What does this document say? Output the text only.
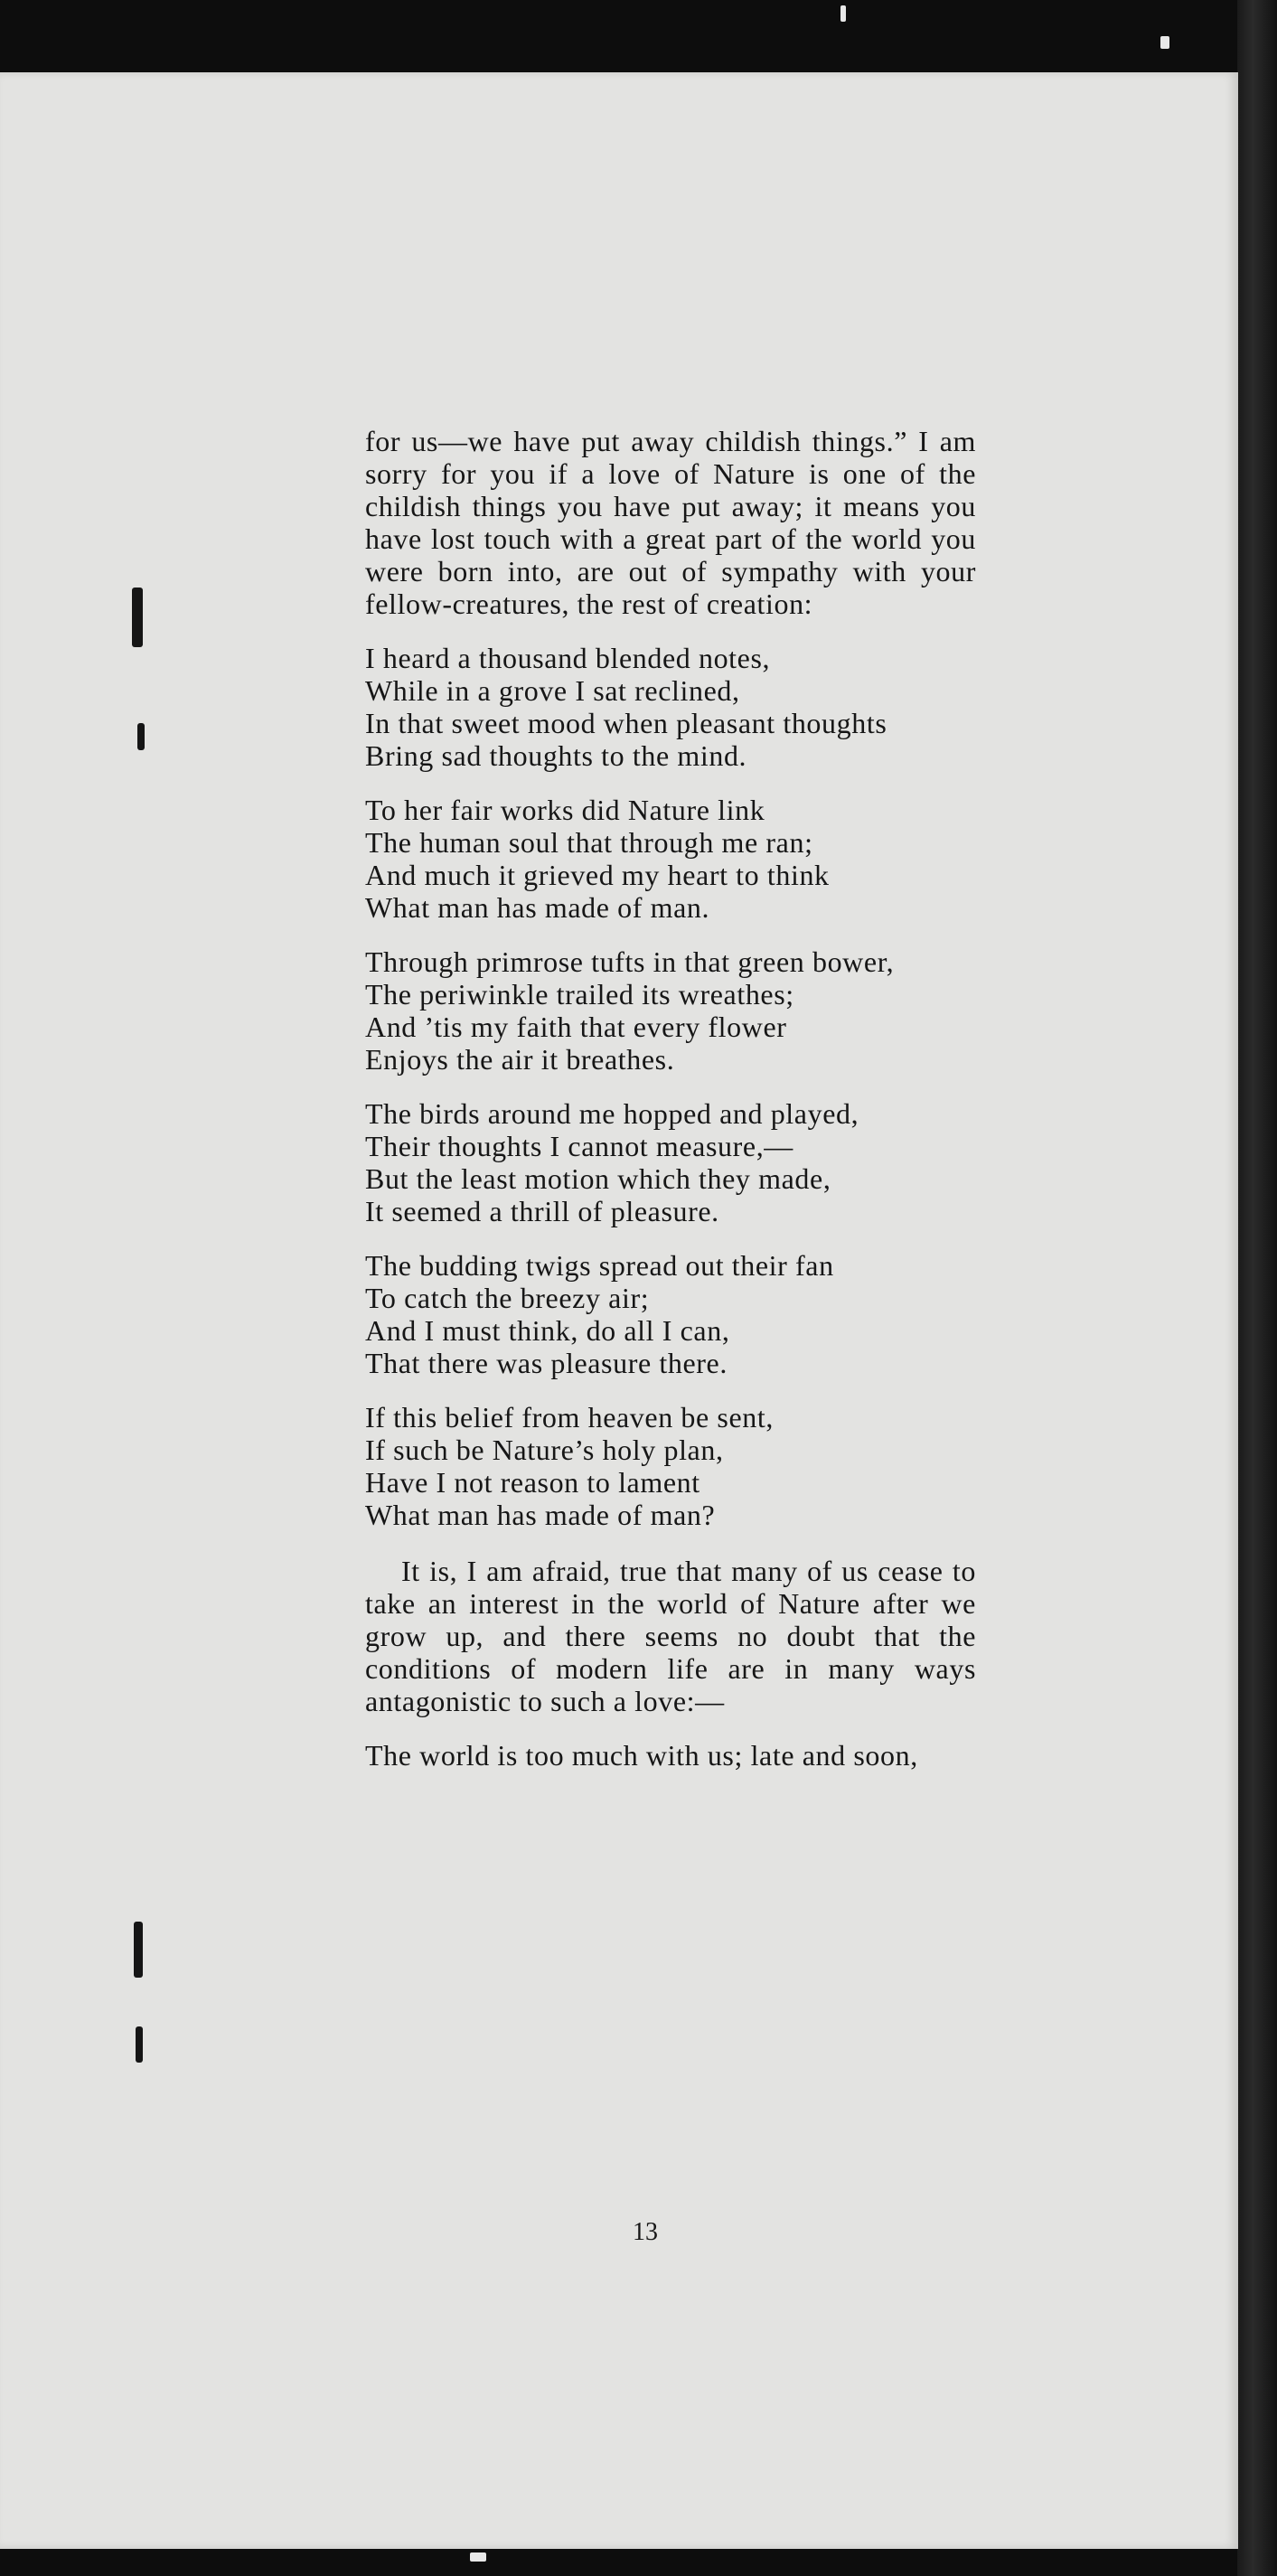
for us—we have put away childish things.” I am sorry for you if a love of Nature is one of the childish things you have put away; it means you have lost touch with a great part of the world you were born into, are out of sympathy with your fellow-creatures, the rest of creation:

I heard a thousand blended notes,
While in a grove I sat reclined,
In that sweet mood when pleasant thoughts
Bring sad thoughts to the mind.
To her fair works did Nature link
The human soul that through me ran;
And much it grieved my heart to think
What man has made of man.
Through primrose tufts in that green bower,
The periwinkle trailed its wreathes;
And ’tis my faith that every flower
Enjoys the air it breathes.
The birds around me hopped and played,
Their thoughts I cannot measure,—
But the least motion which they made,
It seemed a thrill of pleasure.
The budding twigs spread out their fan
To catch the breezy air;
And I must think, do all I can,
That there was pleasure there.
If this belief from heaven be sent,
If such be Nature’s holy plan,
Have I not reason to lament
What man has made of man?

It is, I am afraid, true that many of us cease to take an interest in the world of Nature after we grow up, and there seems no doubt that the conditions of modern life are in many ways antagonistic to such a love:—

The world is too much with us; late and soon,
13
